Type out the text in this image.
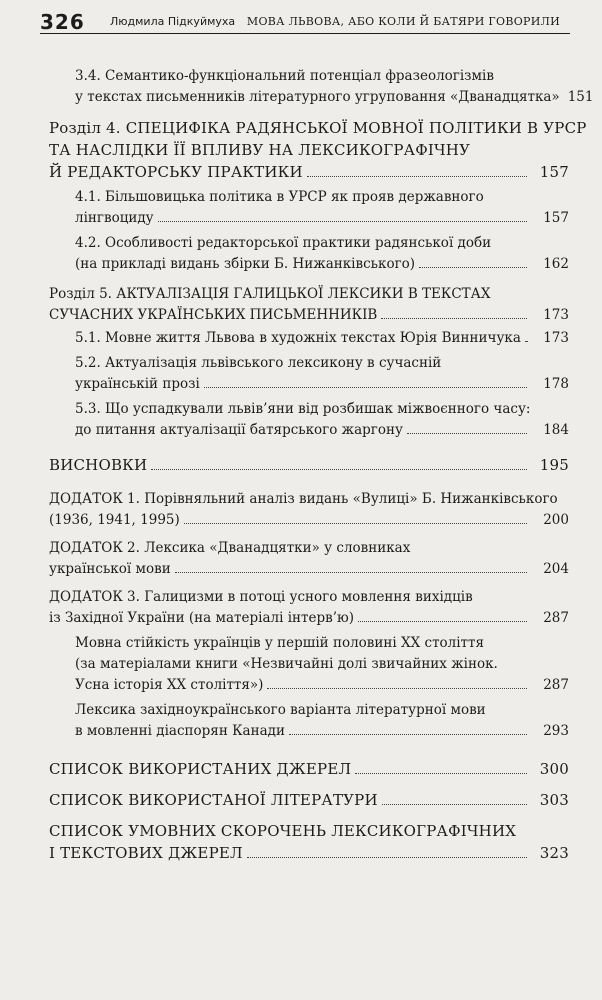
326 Людмила Підкуймуха МОВА ЛЬВОВА, АБО КОЛИ Й БАТЯРИ ГОВОРИЛИ
3.4. Семантико-функціональний потенціал фразеологізмів
у текстах письменників літературного угруповання «Дванадцятка» 151
Розділ 4. СПЕЦИФІКА РАДЯНСЬКОЇ МОВНОЇ ПОЛІТИКИ В УРСР
ТА НАСЛІДКИ ЇЇ ВПЛИВУ НА ЛЕКСИКОГРАФІЧНУ
Й РЕДАКТОРСЬКУ ПРАКТИКИ	157
4.1. Більшовицька політика в УРСР як прояв державного
лінгвоциду	157
4.2. Особливості редакторської практики радянської доби
(на прикладі видань збірки Б. Нижанківського)	162
Розділ 5. АКТУАЛІЗАЦІЯ ГАЛИЦЬКОЇ ЛЕКСИКИ В ТЕКСТАХ
СУЧАСНИХ УКРАЇНСЬКИХ ПИСЬМЕННИКІВ	173
5.1. Мовне життя Львова в художніх текстах Юрія Винничука	173
5.2. Актуалізація львівського лексикону в сучасній
українській прозі	178
5.3. Що успадкували львів’яни від розбишак міжвоєнного часу:
до питання актуалізації батярського жаргону	184
ВИСНОВКИ	195
ДОДАТОК 1. Порівняльний аналіз видань «Вулиці» Б. Нижанківського
(1936, 1941, 1995)	200
ДОДАТОК 2. Лексика «Дванадцятки» у словниках
української мови	204
ДОДАТОК 3. Галицизми в потоці усного мовлення вихідців
із Західної України (на матеріалі інтерв’ю)	287
Мовна стійкість українців у першій половині ХХ століття
(за матеріалами книги «Незвичайні долі звичайних жінок.
Усна історія ХХ століття»)	287
Лексика західноукраїнського варіанта літературної мови
в мовленні діаспорян Канади	293
СПИСОК ВИКОРИСТАНИХ ДЖЕРЕЛ	300
СПИСОК ВИКОРИСТАНОЇ ЛІТЕРАТУРИ	303
СПИСОК УМОВНИХ СКОРОЧЕНЬ ЛЕКСИКОГРАФІЧНИХ
І ТЕКСТОВИХ ДЖЕРЕЛ	323
